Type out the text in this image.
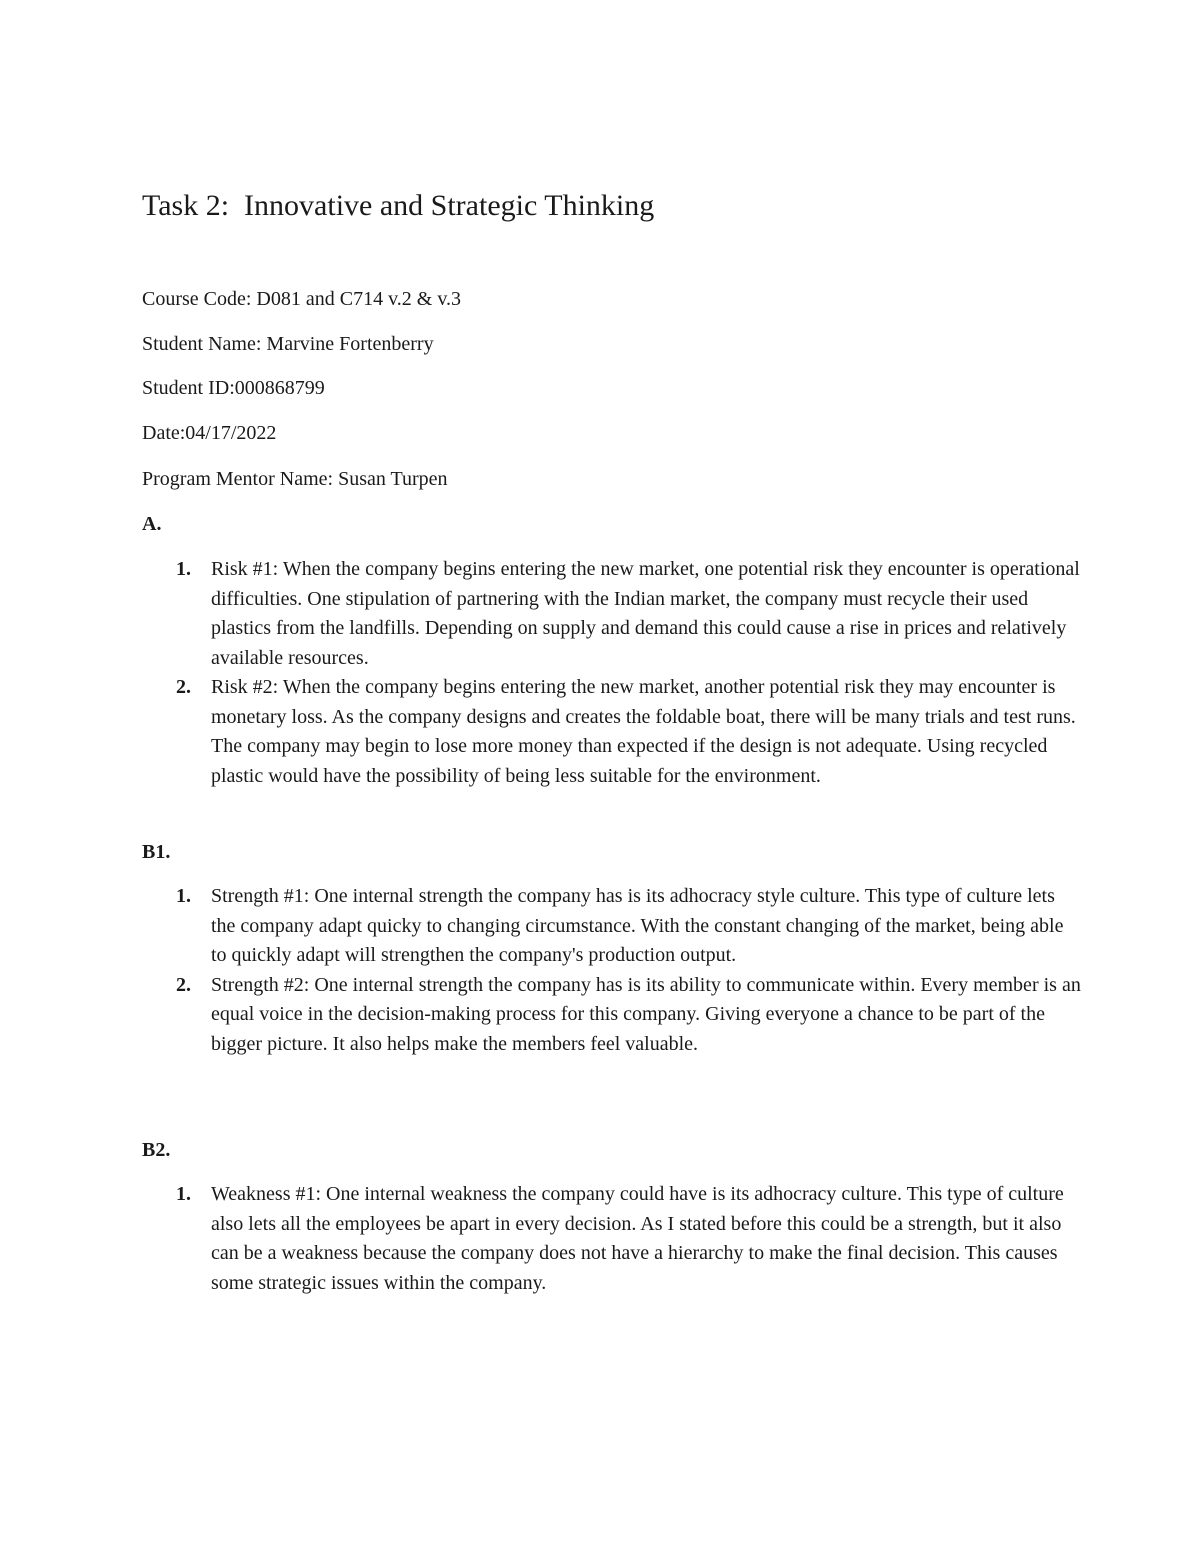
Task 2:  Innovative and Strategic Thinking

Course Code: D081 and C714 v.2 & v.3

Student Name: Marvine Fortenberry

Student ID:000868799

Date:04/17/2022

Program Mentor Name: Susan Turpen

A.

1. Risk #1: When the company begins entering the new market, one potential risk they encounter is operational difficulties. One stipulation of partnering with the Indian market, the company must recycle their used plastics from the landfills. Depending on supply and demand this could cause a rise in prices and relatively available resources.
2. Risk #2: When the company begins entering the new market, another potential risk they may encounter is monetary loss. As the company designs and creates the foldable boat, there will be many trials and test runs. The company may begin to lose more money than expected if the design is not adequate. Using recycled plastic would have the possibility of being less suitable for the environment.

B1.

1. Strength #1: One internal strength the company has is its adhocracy style culture. This type of culture lets the company adapt quicky to changing circumstance. With the constant changing of the market, being able to quickly adapt will strengthen the company's production output.
2. Strength #2: One internal strength the company has is its ability to communicate within. Every member is an equal voice in the decision-making process for this company. Giving everyone a chance to be part of the bigger picture. It also helps make the members feel valuable.

B2.

1. Weakness #1: One internal weakness the company could have is its adhocracy culture. This type of culture also lets all the employees be apart in every decision. As I stated before this could be a strength, but it also can be a weakness because the company does not have a hierarchy to make the final decision. This causes some strategic issues within the company.
